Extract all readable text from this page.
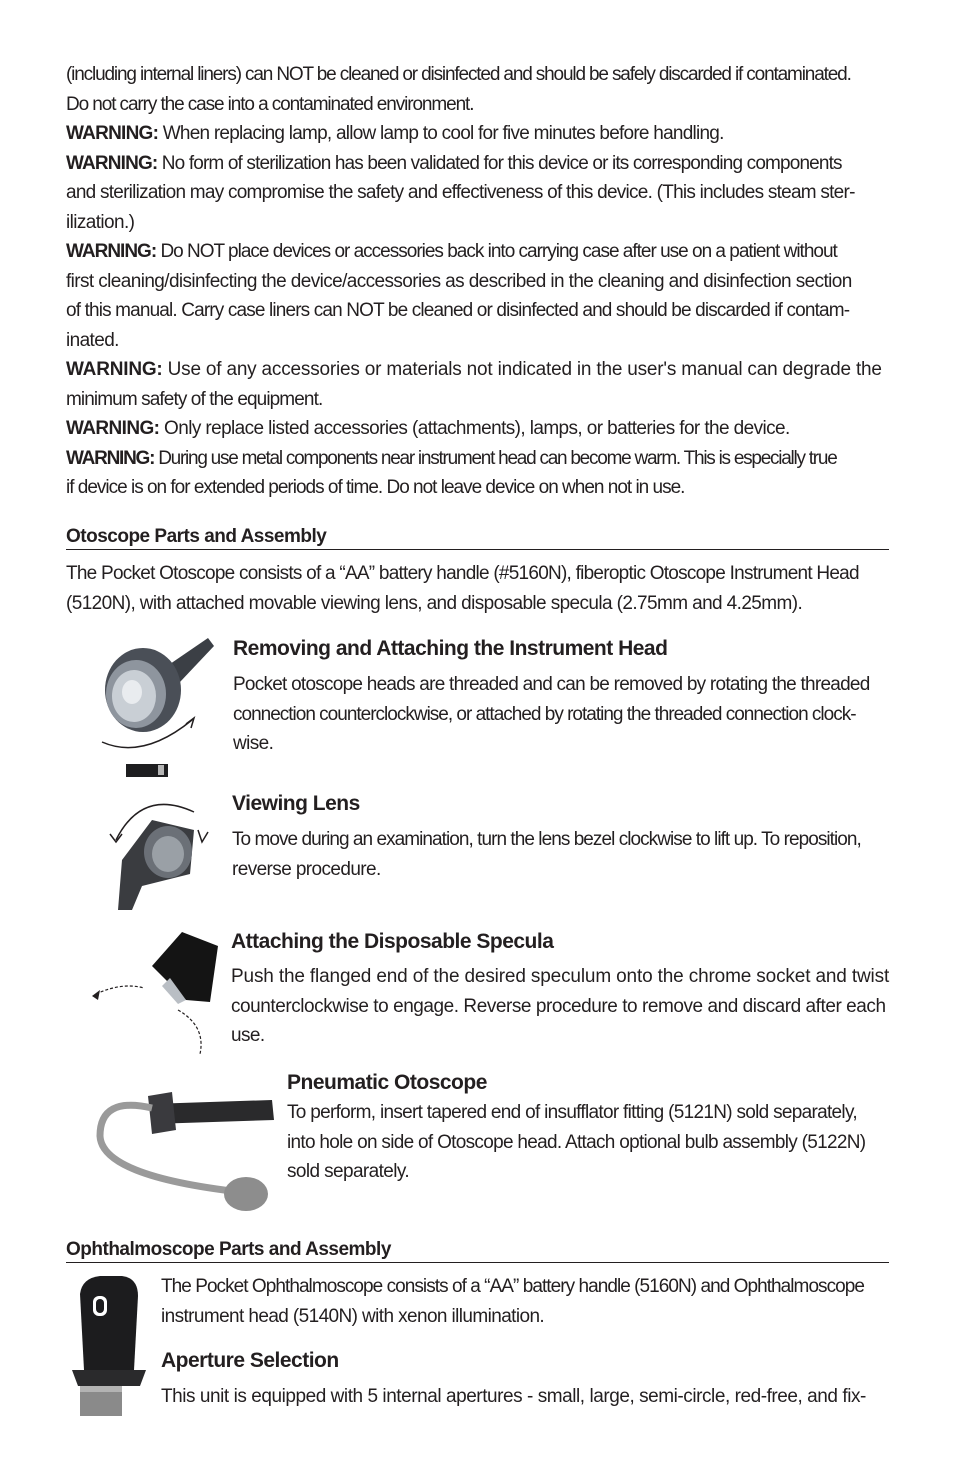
(including internal liners) can NOT be cleaned or disinfected and should be safely discarded if contaminated.
Do not carry the case into a contaminated environment.
WARNING: When replacing lamp, allow lamp to cool for five minutes before handling.
WARNING: No form of sterilization has been validated for this device or its corresponding components
and sterilization may compromise the safety and effectiveness of this device. (This includes steam ster-
ilization.)
WARNING: Do NOT place devices or accessories back into carrying case after use on a patient without
first cleaning/disinfecting the device/accessories as described in the cleaning and disinfection section
of this manual. Carry case liners can NOT be cleaned or disinfected and should be discarded if contam-
inated.
WARNING: Use of any accessories or materials not indicated in the user's manual can degrade the
minimum safety of the equipment.
WARNING: Only replace listed accessories (attachments), lamps, or batteries for the device.
WARNING: During use metal components near instrument head can become warm. This is especially true
if device is on for extended periods of time. Do not leave device on when not in use.
Otoscope Parts and Assembly
The Pocket Otoscope consists of a “AA” battery handle (#5160N), fiberoptic Otoscope Instrument Head
(5120N), with attached movable viewing lens, and disposable specula (2.75mm and 4.25mm).
Removing and Attaching the Instrument Head
Pocket otoscope heads are threaded and can be removed by rotating the threaded
connection counterclockwise, or attached by rotating the threaded connection clock-
wise.
Viewing Lens
To move during an examination, turn the lens bezel clockwise to lift up. To reposition,
reverse procedure.
Attaching the Disposable Specula
Push the flanged end of the desired speculum onto the chrome socket and twist
counterclockwise to engage. Reverse procedure to remove and discard after each
use.
Pneumatic Otoscope
To perform, insert tapered end of insufflator fitting (5121N) sold separately,
into hole on side of Otoscope head. Attach optional bulb assembly (5122N)
sold separately.
Ophthalmoscope Parts and Assembly
The Pocket Ophthalmoscope consists of a “AA” battery handle (5160N) and Ophthalmoscope
instrument head (5140N) with xenon illumination.
Aperture Selection
This unit is equipped with 5 internal apertures - small, large, semi-circle, red-free, and fix-
